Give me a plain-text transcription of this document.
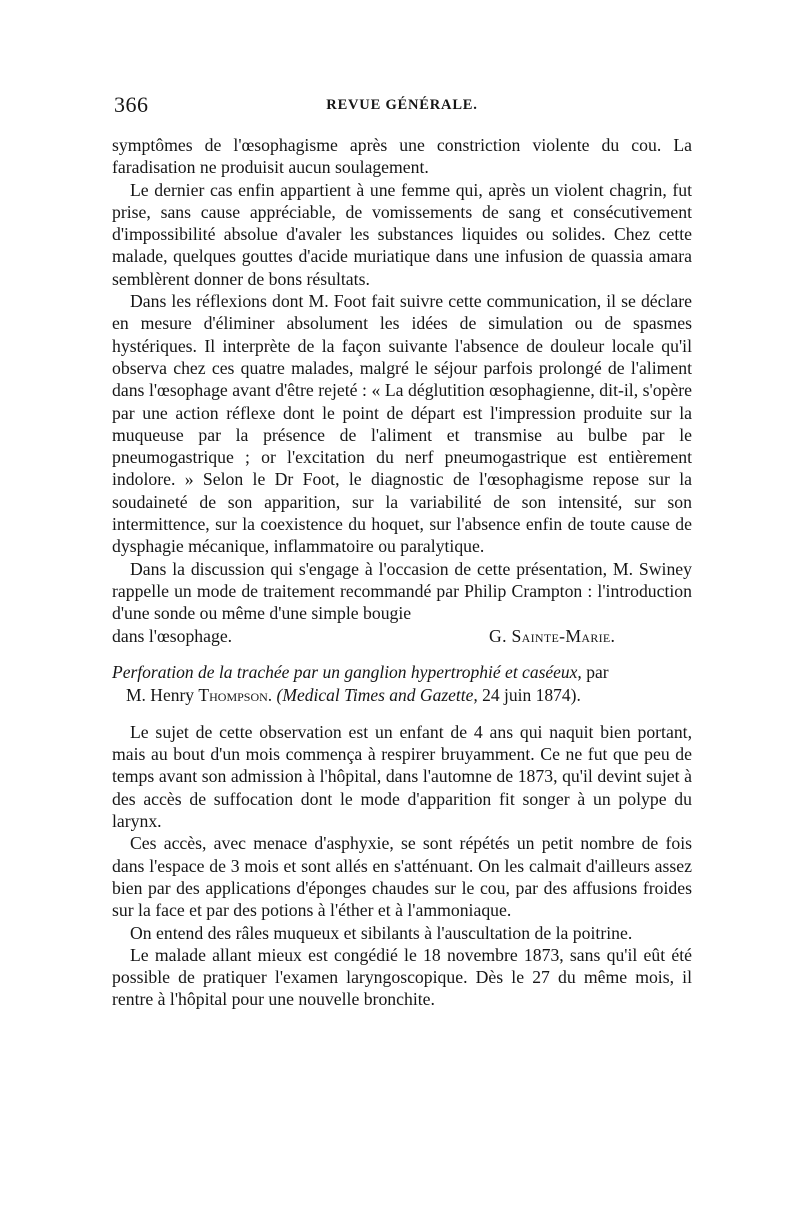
366	REVUE GÉNÉRALE.

symptômes de l'œsophagisme après une constriction violente du cou. La faradisation ne produisit aucun soulagement.

Le dernier cas enfin appartient à une femme qui, après un violent chagrin, fut prise, sans cause appréciable, de vomissements de sang et consécutivement d'impossibilité absolue d'avaler les substances liquides ou solides. Chez cette malade, quelques gouttes d'acide muriatique dans une infusion de quassia amara semblèrent donner de bons résultats.

Dans les réflexions dont M. Foot fait suivre cette communication, il se déclare en mesure d'éliminer absolument les idées de simulation ou de spasmes hystériques. Il interprète de la façon suivante l'absence de douleur locale qu'il observa chez ces quatre malades, malgré le séjour parfois prolongé de l'aliment dans l'œsophage avant d'être rejeté : « La déglutition œsophagienne, dit-il, s'opère par une action réflexe dont le point de départ est l'impression produite sur la muqueuse par la présence de l'aliment et transmise au bulbe par le pneumogastrique ; or l'excitation du nerf pneumogastrique est entièrement indolore. » Selon le Dr Foot, le diagnostic de l'œsophagisme repose sur la soudaineté de son apparition, sur la variabilité de son intensité, sur son intermittence, sur la coexistence du hoquet, sur l'absence enfin de toute cause de dysphagie mécanique, inflammatoire ou paralytique.

Dans la discussion qui s'engage à l'occasion de cette présentation, M. Swiney rappelle un mode de traitement recommandé par Philip Crampton : l'introduction d'une sonde ou même d'une simple bougie

dans l'œsophage.	G. Sainte-Marie.
Perforation de la trachée par un ganglion hypertrophié et caséeux, par
M. Henry Thompson. (Medical Times and Gazette, 24 juin 1874).

Le sujet de cette observation est un enfant de 4 ans qui naquit bien portant, mais au bout d'un mois commença à respirer bruyamment. Ce ne fut que peu de temps avant son admission à l'hôpital, dans l'automne de 1873, qu'il devint sujet à des accès de suffocation dont le mode d'apparition fit songer à un polype du larynx.

Ces accès, avec menace d'asphyxie, se sont répétés un petit nombre de fois dans l'espace de 3 mois et sont allés en s'atténuant. On les calmait d'ailleurs assez bien par des applications d'éponges chaudes sur le cou, par des affusions froides sur la face et par des potions à l'éther et à l'ammoniaque.

On entend des râles muqueux et sibilants à l'auscultation de la poitrine.

Le malade allant mieux est congédié le 18 novembre 1873, sans qu'il eût été possible de pratiquer l'examen laryngoscopique. Dès le 27 du même mois, il rentre à l'hôpital pour une nouvelle bronchite.
